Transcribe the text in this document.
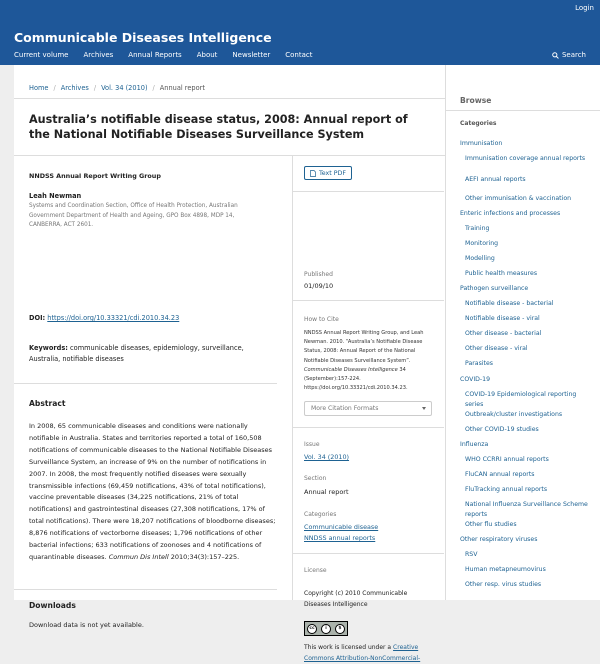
Login
Communicable Diseases Intelligence
Current volume Archives Annual Reports About Newsletter Contact	Search
Home / Archives / Vol. 34 (2010) / Annual report
Australia’s notifiable disease status, 2008: Annual report of the National Notifiable Diseases Surveillance System
NNDSS Annual Report Writing Group
Leah Newman
Systems and Coordination Section, Office of Health Protection, Australian Government Department of Health and Ageing, GPO Box 4898, MDP 14, CANBERRA, ACT 2601.
DOI: https://doi.org/10.33321/cdi.2010.34.23
Keywords: communicable diseases, epidemiology, surveillance, Australia, notifiable diseases
Abstract
In 2008, 65 communicable diseases and conditions were nationally notifiable in Australia. States and territories reported a total of 160,508 notifications of communicable diseases to the National Notifiable Diseases Surveillance System, an increase of 9% on the number of notifications in 2007. In 2008, the most frequently notified diseases were sexually transmissible infections (69,459 notifications, 43% of total notifications), vaccine preventable diseases (34,225 notifications, 21% of total notifications) and gastrointestinal diseases (27,308 notifications, 17% of total notifications). There were 18,207 notifications of bloodborne diseases; 8,876 notifications of vectorborne diseases; 1,796 notifications of other bacterial infections; 633 notifications of zoonoses and 4 notifications of quarantinable diseases. Commun Dis Intell 2010;34(3):157–225.
Downloads
Download data is not yet available.
Text PDF
Published
01/09/10
How to Cite
NNDSS Annual Report Writing Group, and Leah Newman. 2010. “Australia’s Notifiable Disease Status, 2008: Annual Report of the National Notifiable Diseases Surveillance System”. Communicable Diseases Intelligence 34 (September):157-224. https://doi.org/10.33321/cdi.2010.34.23.
More Citation Formats
Issue
Vol. 34 (2010)
Section
Annual report
Categories
Communicable disease
NNDSS annual reports
License
Copyright (c) 2010 Communicable Diseases Intelligence
cc	i	$
This work is licensed under a Creative Commons Attribution-NonCommercial-
Browse
Categories
Immunisation
Immunisation coverage annual reports
AEFI annual reports
Other immunisation & vaccination
Enteric infections and processes
Training
Monitoring
Modelling
Public health measures
Pathogen surveillance
Notifiable disease - bacterial
Notifiable disease - viral
Other disease - bacterial
Other disease - viral
Parasites
COVID-19
COVID-19 Epidemiological reporting series
Outbreak/cluster investigations
Other COVID-19 studies
Influenza
WHO CCRRI annual reports
FluCAN annual reports
FluTracking annual reports
National Influenza Surveillance Scheme reports
Other flu studies
Other respiratory viruses
RSV
Human metapneumovirus
Other resp. virus studies
